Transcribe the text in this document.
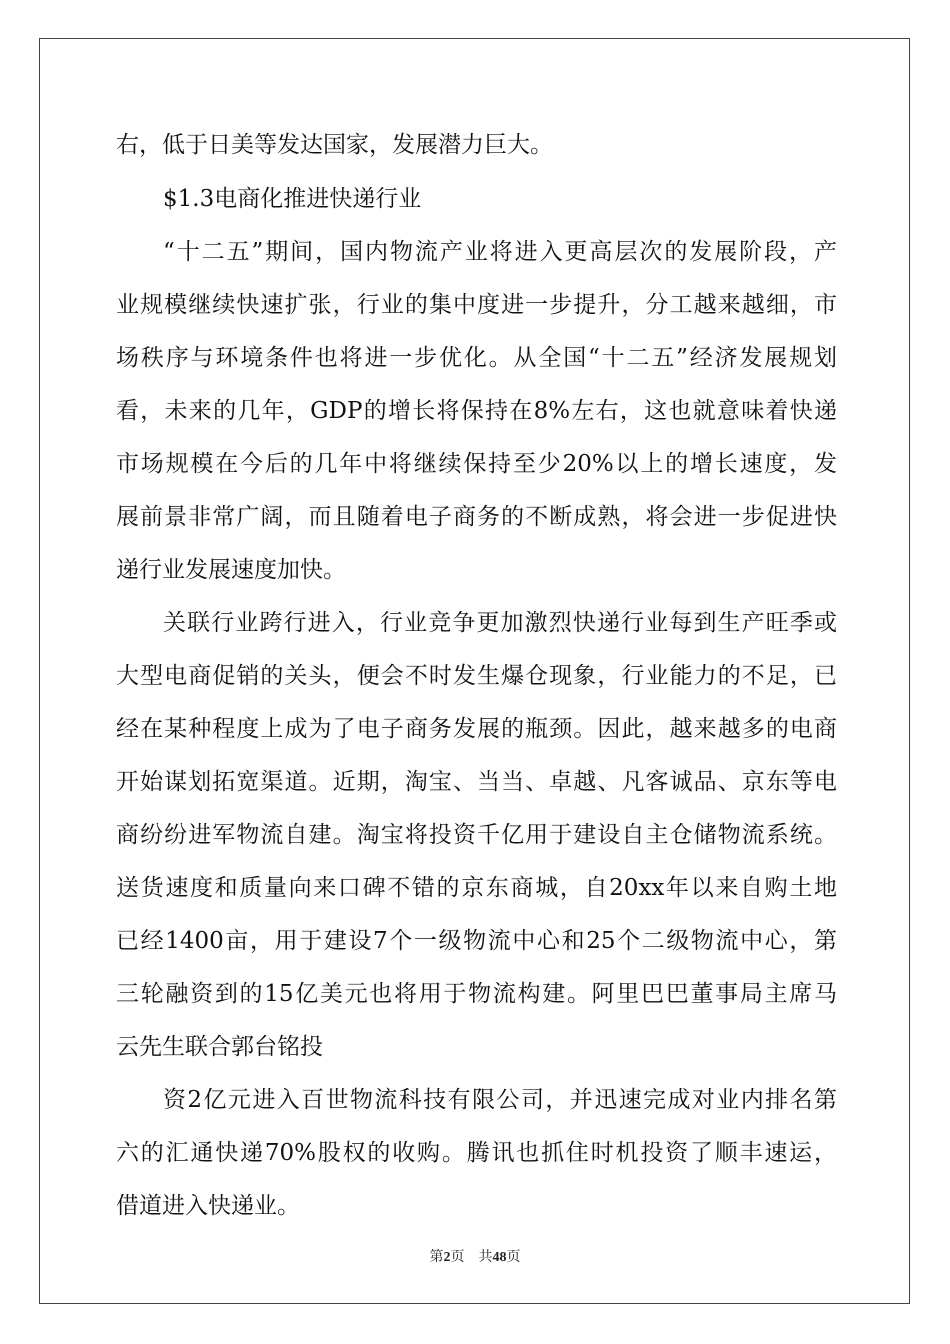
右，低于日美等发达国家，发展潜力巨大。
$1.3电商化推进快递行业
“十二五”期间，国内物流产业将进入更高层次的发展阶段，产
业规模继续快速扩张，行业的集中度进一步提升，分工越来越细，市
场秩序与环境条件也将进一步优化。从全国“十二五”经济发展规划
看，未来的几年，GDP的增长将保持在8%左右，这也就意味着快递
市场规模在今后的几年中将继续保持至少20%以上的增长速度，发
展前景非常广阔，而且随着电子商务的不断成熟，将会进一步促进快
递行业发展速度加快。
关联行业跨行进入，行业竞争更加激烈快递行业每到生产旺季或
大型电商促销的关头，便会不时发生爆仓现象，行业能力的不足，已
经在某种程度上成为了电子商务发展的瓶颈。因此，越来越多的电商
开始谋划拓宽渠道。近期，淘宝、当当、卓越、凡客诚品、京东等电
商纷纷进军物流自建。淘宝将投资千亿用于建设自主仓储物流系统。
送货速度和质量向来口碑不错的京东商城，自20xx年以来自购土地
已经1400亩，用于建设7个一级物流中心和25个二级物流中心，第
三轮融资到的15亿美元也将用于物流构建。阿里巴巴董事局主席马
云先生联合郭台铭投
资2亿元进入百世物流科技有限公司，并迅速完成对业内排名第
六的汇通快递70%股权的收购。腾讯也抓住时机投资了顺丰速运，
借道进入快递业。
第2页 共48页
